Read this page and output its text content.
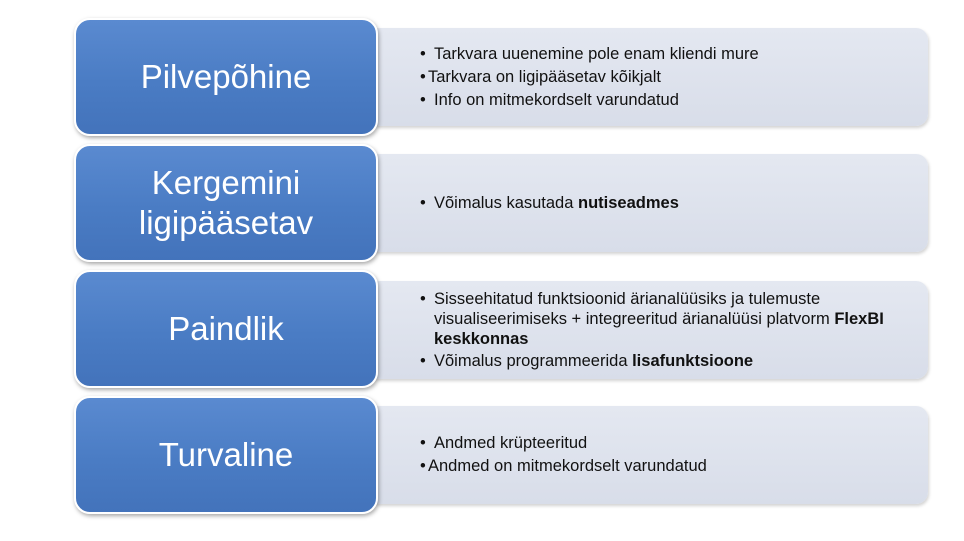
• Tarkvara uuenemine pole enam kliendi mure
• Tarkvara on ligipääsetav kõikjalt
• Info on mitmekordselt varundatud
Pilvepõhine
• Võimalus kasutada nutiseadmes
Kergemini
ligipääsetav
• Sisseehitatud funktsioonid ärianalüüsiks ja tulemuste visualiseerimiseks + integreeritud ärianalüüsi platvorm FlexBI keskkonnas
• Võimalus programmeerida lisafunktsioone
Paindlik
• Andmed krüpteeritud
• Andmed on mitmekordselt varundatud
Turvaline
